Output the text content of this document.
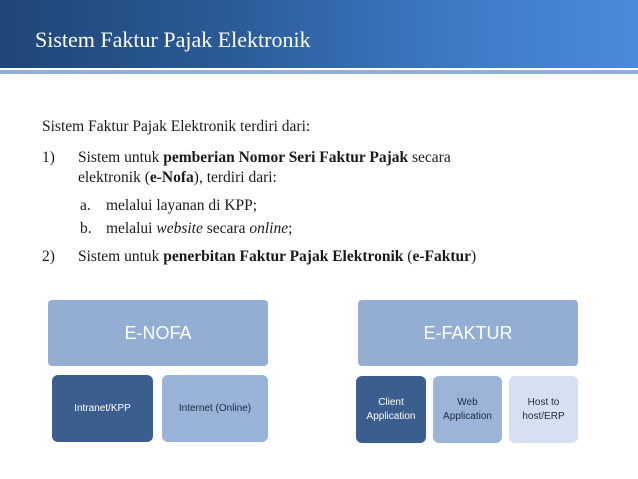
Sistem Faktur Pajak Elektronik
Sistem Faktur Pajak Elektronik terdiri dari:
1) Sistem untuk pemberian Nomor Seri Faktur Pajak secara
elektronik (e-Nofa), terdiri dari:
a. melalui layanan di KPP;
b. melalui website secara online;
2) Sistem untuk penerbitan Faktur Pajak Elektronik (e-Faktur)
E-NOFA
Intranet/KPP	Internet (Online)
E-FAKTUR
Client Application
Web Application
Host to host/ERP
